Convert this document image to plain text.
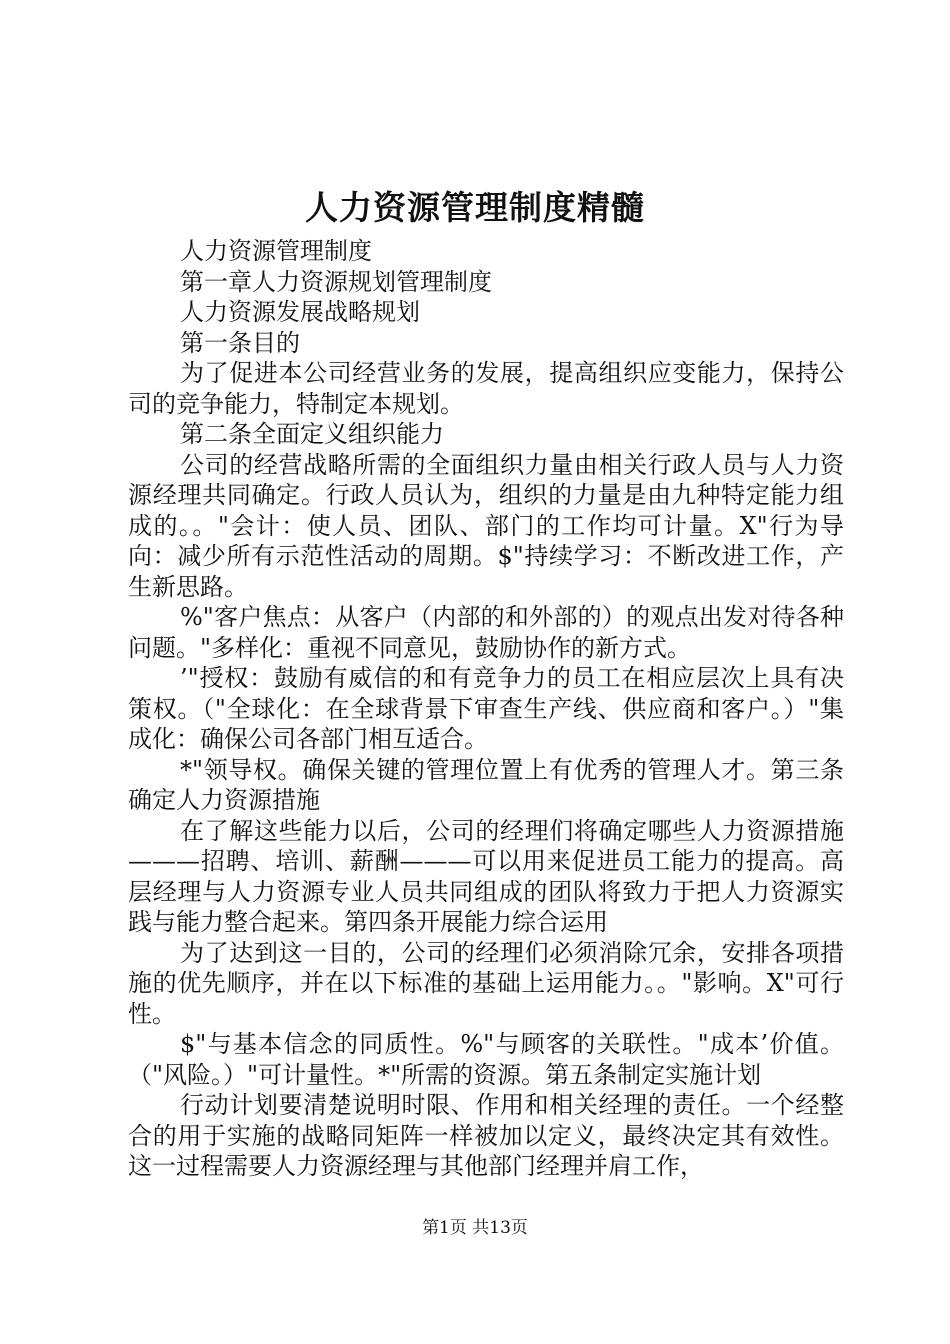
人力资源管理制度精髓

人力资源管理制度

第一章人力资源规划管理制度

人力资源发展战略规划

第一条目的

为了促进本公司经营业务的发展，提高组织应变能力，保持公司的竞争能力，特制定本规划。

第二条全面定义组织能力

公司的经营战略所需的全面组织力量由相关行政人员与人力资源经理共同确定。行政人员认为，组织的力量是由九种特定能力组成的。。"会计：使人员、团队、部门的工作均可计量。X"行为导向：减少所有示范性活动的周期。$"持续学习：不断改进工作，产生新思路。

%"客户焦点：从客户（内部的和外部的）的观点出发对待各种问题。"多样化：重视不同意见，鼓励协作的新方式。

’"授权：鼓励有威信的和有竞争力的员工在相应层次上具有决策权。（"全球化：在全球背景下审查生产线、供应商和客户。）"集成化：确保公司各部门相互适合。

*"领导权。确保关键的管理位置上有优秀的管理人才。第三条确定人力资源措施

在了解这些能力以后，公司的经理们将确定哪些人力资源措施———招聘、培训、薪酬———可以用来促进员工能力的提高。高层经理与人力资源专业人员共同组成的团队将致力于把人力资源实践与能力整合起来。第四条开展能力综合运用

为了达到这一目的，公司的经理们必须消除冗余，安排各项措施的优先顺序，并在以下标准的基础上运用能力。。"影响。X"可行性。

$"与基本信念的同质性。%"与顾客的关联性。"成本’价值。（"风险。）"可计量性。*"所需的资源。第五条制定实施计划

行动计划要清楚说明时限、作用和相关经理的责任。一个经整合的用于实施的战略同矩阵一样被加以定义，最终决定其有效性。这一过程需要人力资源经理与其他部门经理并肩工作，

第1页 共13页
